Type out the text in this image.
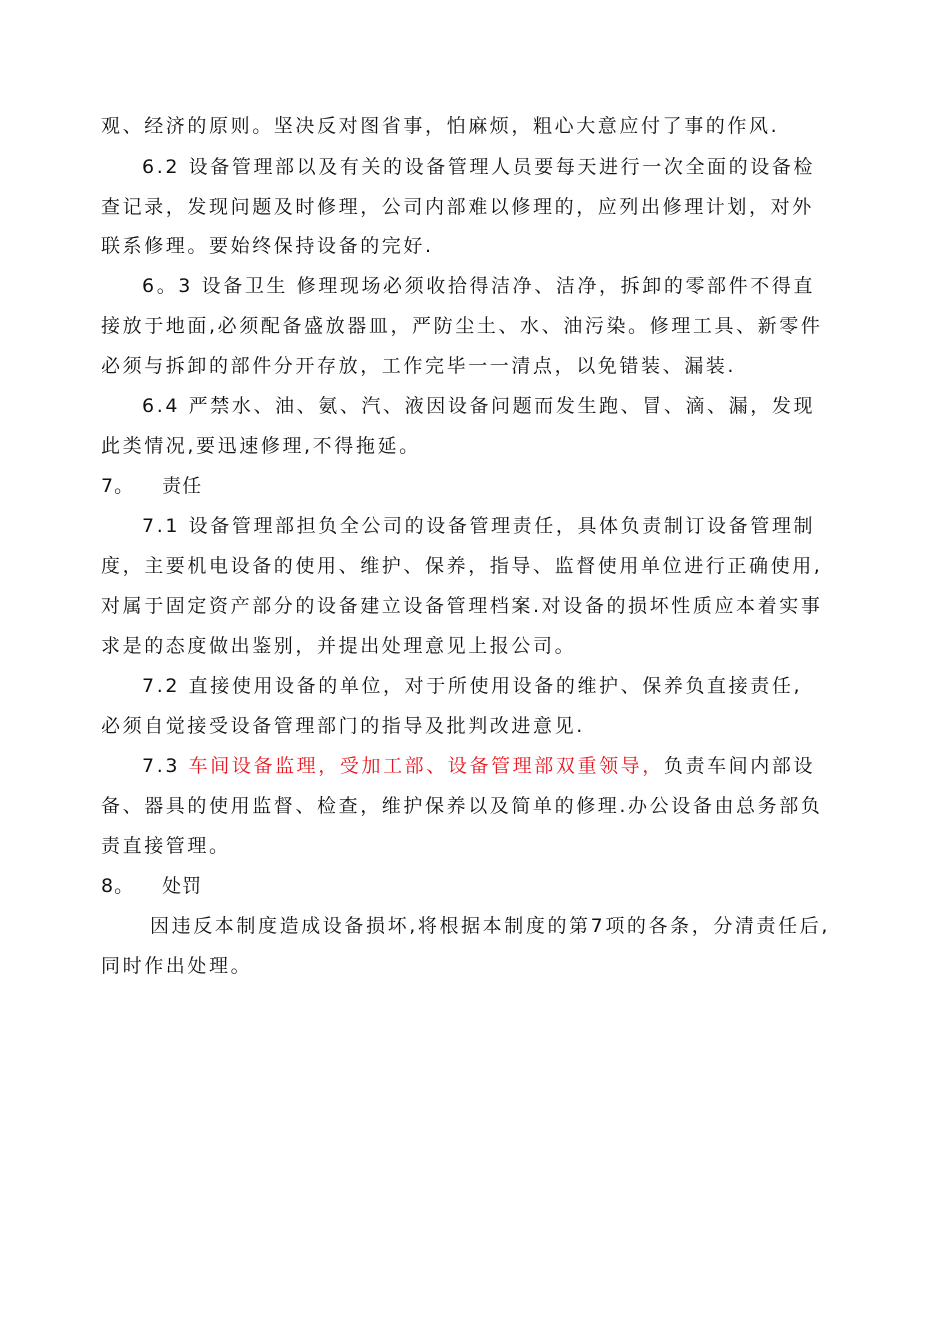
观、经济的原则。坚决反对图省事，怕麻烦，粗心大意应付了事的作风.
6.2 设备管理部以及有关的设备管理人员要每天进行一次全面的设备检
查记录，发现问题及时修理，公司内部难以修理的，应列出修理计划，对外
联系修理。要始终保持设备的完好.
6。3 设备卫生 修理现场必须收拾得洁净、洁净，拆卸的零部件不得直
接放于地面,必须配备盛放器皿，严防尘土、水、油污染。修理工具、新零件
必须与拆卸的部件分开存放，工作完毕一一清点，以免错装、漏装.
6.4 严禁水、油、氨、汽、液因设备问题而发生跑、冒、滴、漏，发现
此类情况,要迅速修理,不得拖延。
7。 责任
7.1 设备管理部担负全公司的设备管理责任，具体负责制订设备管理制
度，主要机电设备的使用、维护、保养，指导、监督使用单位进行正确使用,
对属于固定资产部分的设备建立设备管理档案.对设备的损坏性质应本着实事
求是的态度做出鉴别，并提出处理意见上报公司。
7.2 直接使用设备的单位，对于所使用设备的维护、保养负直接责任,
必须自觉接受设备管理部门的指导及批判改进意见.
7.3 车间设备监理，受加工部、设备管理部双重领导，负责车间内部设
备、器具的使用监督、检查，维护保养以及简单的修理.办公设备由总务部负
责直接管理。
8。 处罚
因违反本制度造成设备损坏,将根据本制度的第7项的各条，分清责任后,
同时作出处理。
